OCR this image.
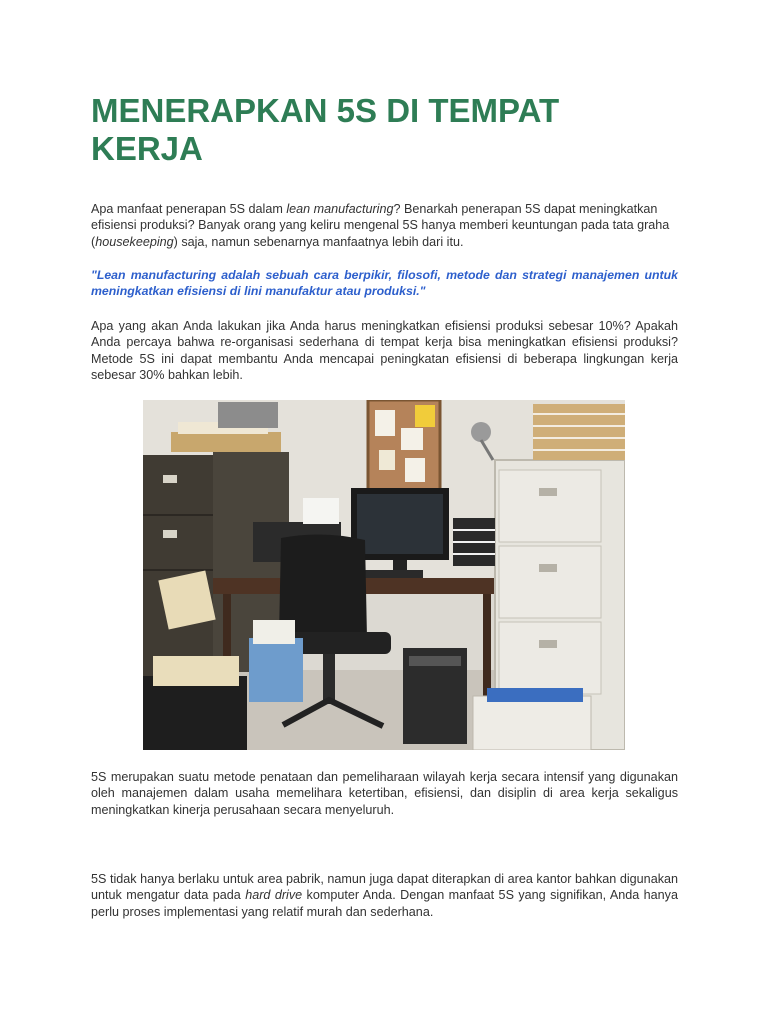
MENERAPKAN 5S DI TEMPAT KERJA

Apa manfaat penerapan 5S dalam lean manufacturing? Benarkah penerapan 5S dapat meningkatkan efisiensi produksi? Banyak orang yang keliru mengenal 5S hanya memberi keuntungan pada tata graha (housekeeping) saja, namun sebenarnya manfaatnya lebih dari itu.

"Lean manufacturing adalah sebuah cara berpikir, filosofi, metode dan strategi manajemen untuk meningkatkan efisiensi di lini manufaktur atau produksi."

Apa yang akan Anda lakukan jika Anda harus meningkatkan efisiensi produksi sebesar 10%? Apakah Anda percaya bahwa re-organisasi sederhana di tempat kerja bisa meningkatkan efisiensi produksi? Metode 5S ini dapat membantu Anda mencapai peningkatan efisiensi di beberapa lingkungan kerja sebesar 30% bahkan lebih.

5S merupakan suatu metode penataan dan pemeliharaan wilayah kerja secara intensif yang digunakan oleh manajemen dalam usaha memelihara ketertiban, efisiensi, dan disiplin di area kerja sekaligus meningkatkan kinerja perusahaan secara menyeluruh.

5S tidak hanya berlaku untuk area pabrik, namun juga dapat diterapkan di area kantor bahkan digunakan untuk mengatur data pada hard drive komputer Anda. Dengan manfaat 5S yang signifikan, Anda hanya perlu proses implementasi yang relatif murah dan sederhana.
